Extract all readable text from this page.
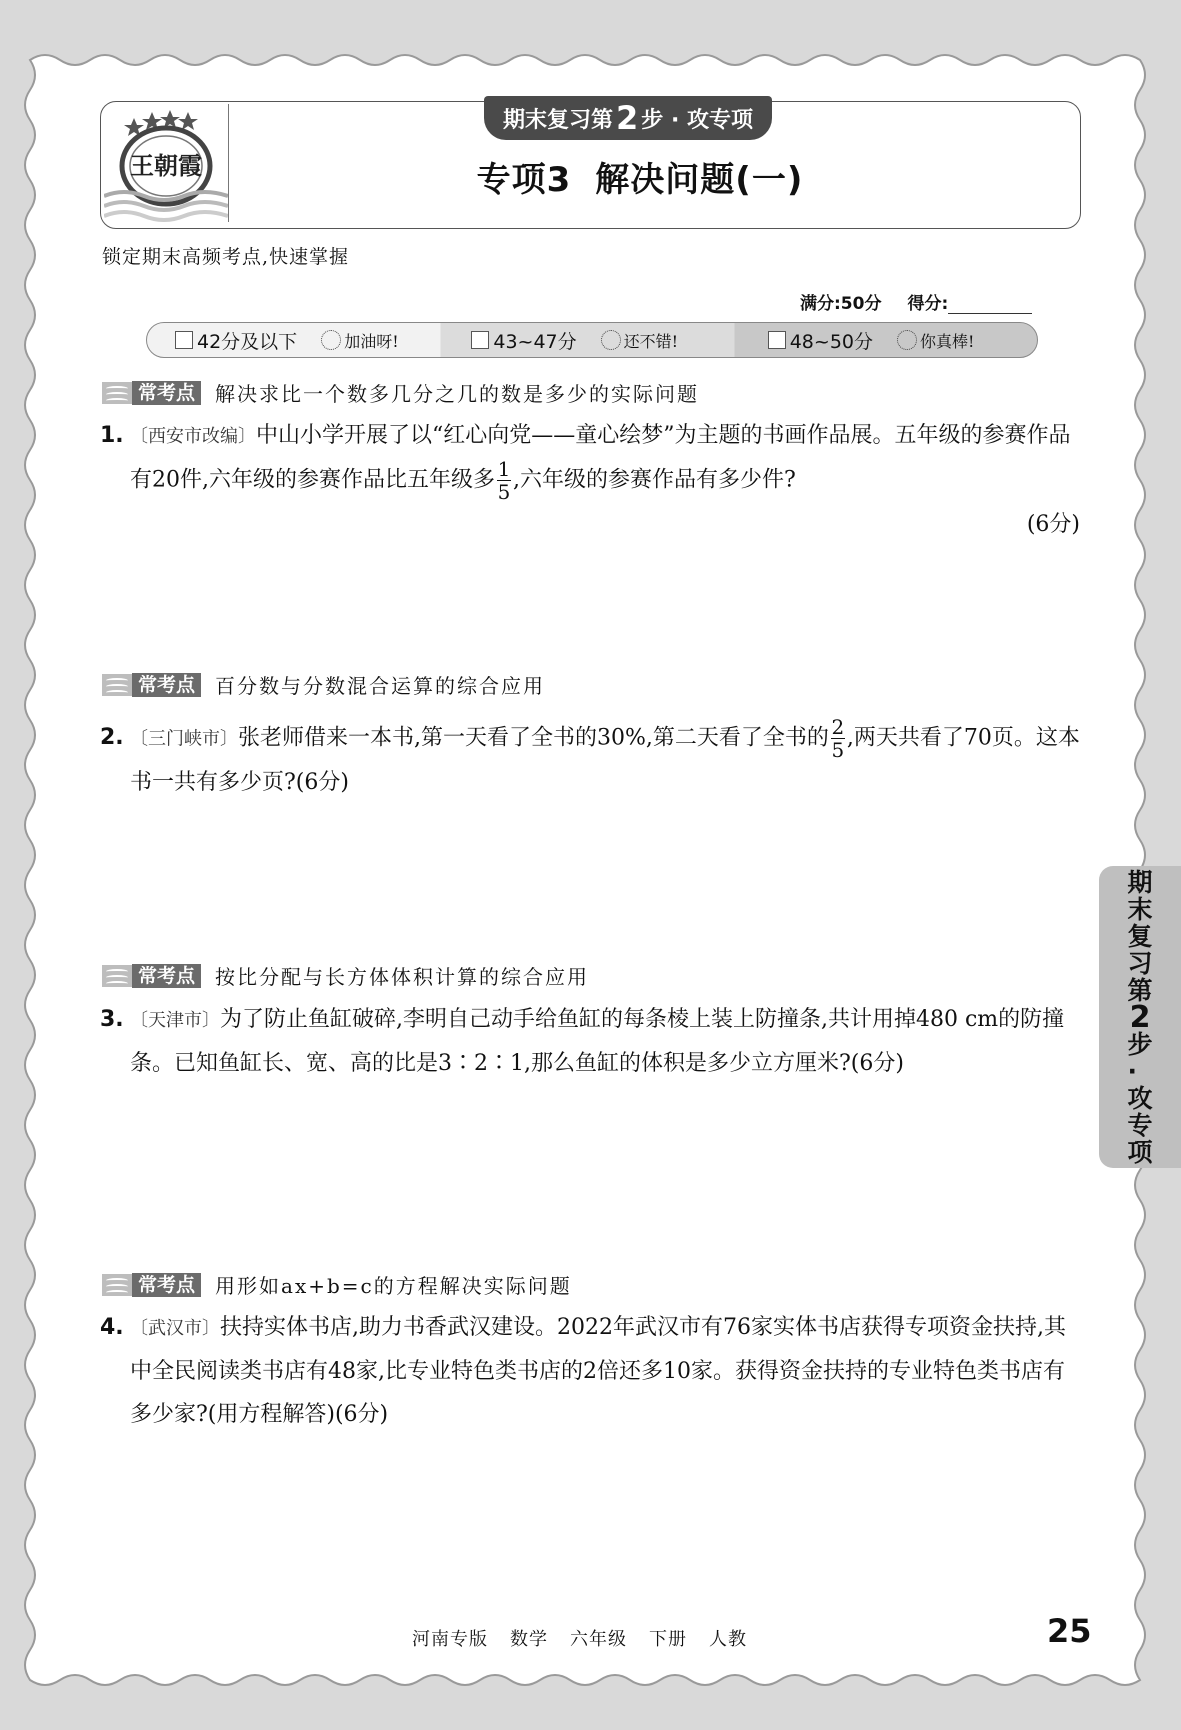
王朝霞
期末复习第 2 步 · 攻专项
专项3 解决问题(一)
锁定期末高频考点,快速掌握
满分:50分 得分:
42分及以下	加油呀!	43~47分	还不错!	48~50分	你真棒!
常考点	解决求比一个数多几分之几的数是多少的实际问题
1. 〔西安市改编〕中山小学开展了以“红心向党——童心绘梦”为主题的书画作品展。五年级的参赛作品有20件,六年级的参赛作品比五年级多 $\frac{1}{5}$ ,六年级的参赛作品有多少件?
(6分)
常考点	百分数与分数混合运算的综合应用
2. 〔三门峡市〕张老师借来一本书,第一天看了全书的30%,第二天看了全书的 $\frac{2}{5}$ ,两天共看了70页。这本书一共有多少页?(6分)
常考点	按比分配与长方体体积计算的综合应用
3. 〔天津市〕为了防止鱼缸破碎,李明自己动手给鱼缸的每条棱上装上防撞条,共计用掉480 cm的防撞条。已知鱼缸长、宽、高的比是3∶2∶1,那么鱼缸的体积是多少立方厘米?(6分)
常考点	用形如ax+b=c的方程解决实际问题
4. 〔武汉市〕扶持实体书店,助力书香武汉建设。2022年武汉市有76家实体书店获得专项资金扶持,其中全民阅读类书店有48家,比专业特色类书店的2倍还多10家。获得资金扶持的专业特色类书店有多少家?(用方程解答)(6分)
期
末
复
习
第
2
步
·
攻
专
项
河南专版 数学 六年级 下册 人教	25
